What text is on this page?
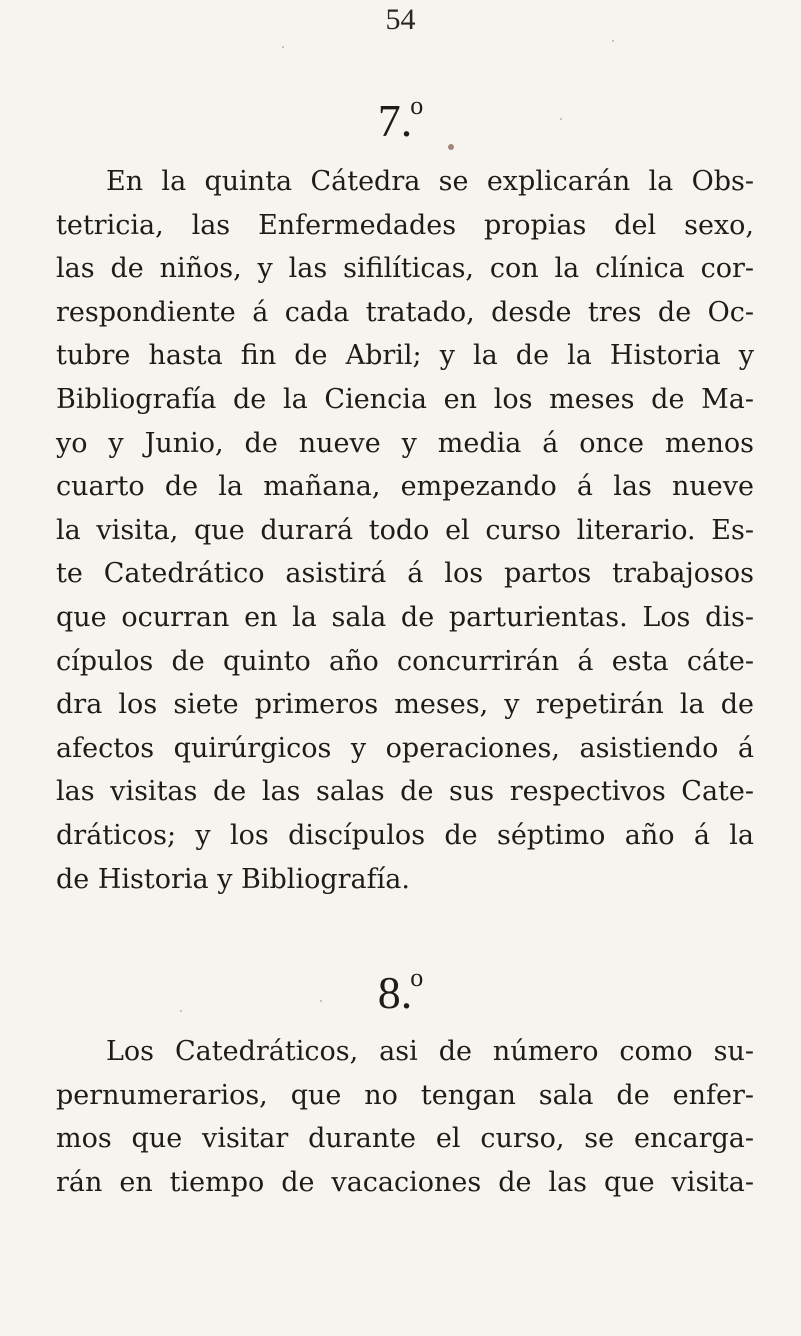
54
7.$^o$
En la quinta Cátedra se explicarán la Obs-
tetricia, las Enfermedades propias del sexo,
las de niños, y las sifilíticas, con la clínica cor-
respondiente á cada tratado, desde tres de Oc-
tubre hasta fin de Abril; y la de la Historia y
Bibliografía de la Ciencia en los meses de Ma-
yo y Junio, de nueve y media á once menos
cuarto de la mañana, empezando á las nueve
la visita, que durará todo el curso literario. Es-
te Catedrático asistirá á los partos trabajosos
que ocurran en la sala de parturientas. Los dis-
cípulos de quinto año concurrirán á esta cáte-
dra los siete primeros meses, y repetirán la de
afectos quirúrgicos y operaciones, asistiendo á
las visitas de las salas de sus respectivos Cate-
dráticos; y los discípulos de séptimo año á la
de Historia y Bibliografía.
8.$^o$
Los Catedráticos, asi de número como su-
pernumerarios, que no tengan sala de enfer-
mos que visitar durante el curso, se encarga-
rán en tiempo de vacaciones de las que visita-
